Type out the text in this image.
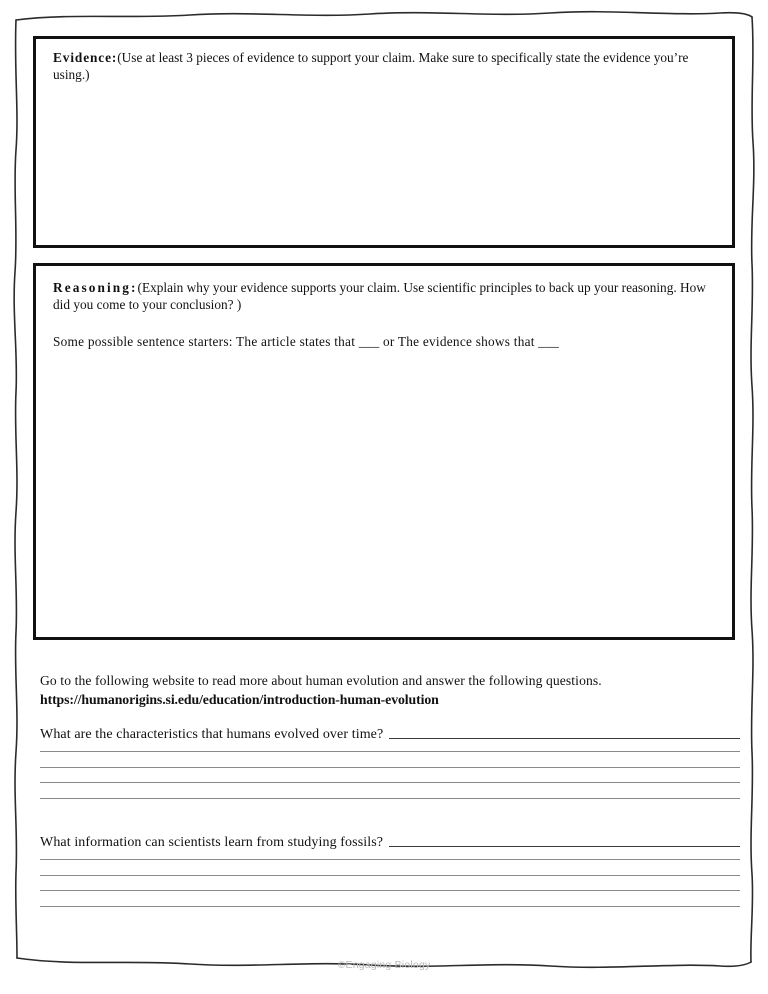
Evidence:(Use at least 3 pieces of evidence to support your claim. Make sure to specifically state the evidence you’re using.)
Reasoning:(Explain why your evidence supports your claim. Use scientific principles to back up your reasoning. How did you come to your conclusion? )
Some possible sentence starters: The article states that ___ or The evidence shows that ___
Go to the following website to read more about human evolution and answer the following questions.
https://humanorigins.si.edu/education/introduction-human-evolution
What are the characteristics that humans evolved over time?
What information can scientists learn from studying fossils?
©Engaging Biology
